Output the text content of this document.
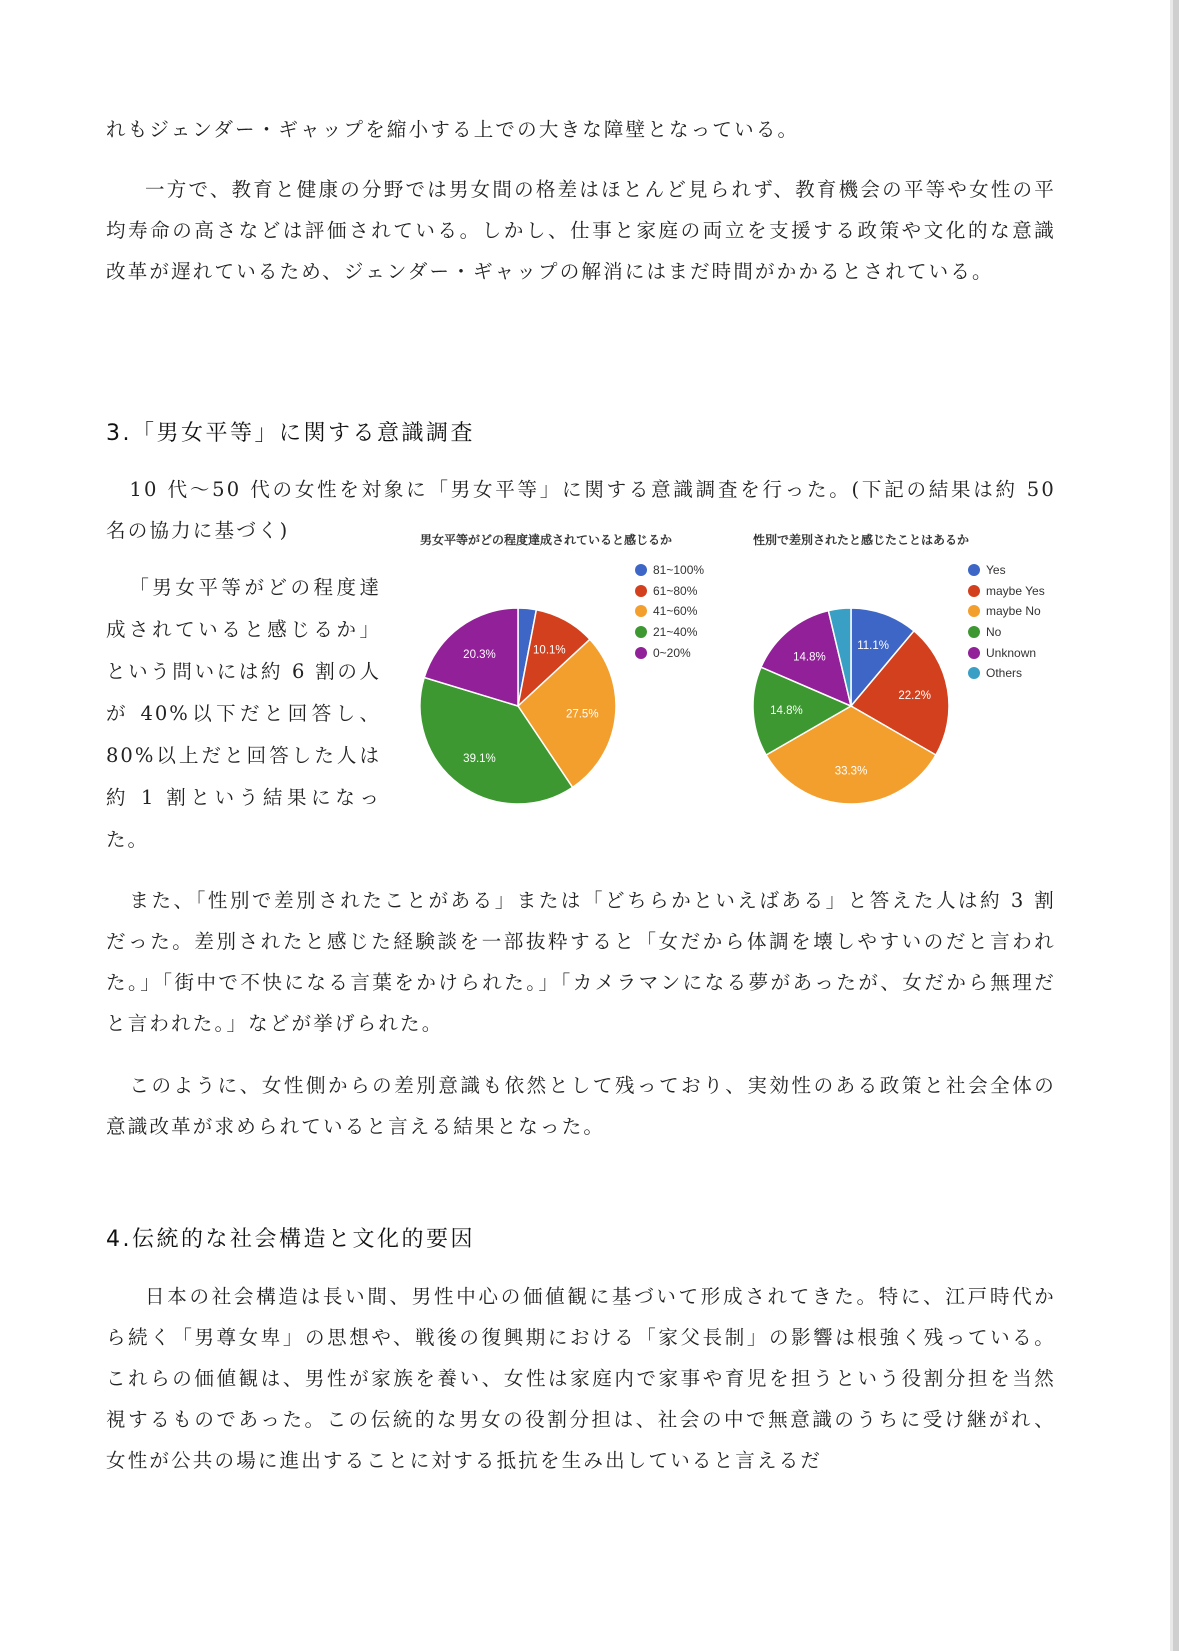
れもジェンダー・ギャップを縮小する上での大きな障壁となっている。

一方で、教育と健康の分野では男女間の格差はほとんど見られず、教育機会の平等や女性の平均寿命の高さなどは評価されている。しかし、仕事と家庭の両立を支援する政策や文化的な意識改革が遅れているため、ジェンダー・ギャップの解消にはまだ時間がかかるとされている。

3.「男女平等」に関する意識調査

10 代～50 代の女性を対象に「男女平等」に関する意識調査を行った。(下記の結果は約 50 名の協力に基づく)

「男女平等がどの程度達成されていると感じるか」という問いには約 6 割の人が 40%以下だと回答し、80%以上だと回答した人は約 1 割という結果になった。

また、「性別で差別されたことがある」または「どちらかといえばある」と答えた人は約 3 割だった。差別されたと感じた経験談を一部抜粋すると「女だから体調を壊しやすいのだと言われた。」「街中で不快になる言葉をかけられた。」「カメラマンになる夢があったが、女だから無理だと言われた。」などが挙げられた。

このように、女性側からの差別意識も依然として残っており、実効性のある政策と社会全体の意識改革が求められていると言える結果となった。

4.伝統的な社会構造と文化的要因

日本の社会構造は長い間、男性中心の価値観に基づいて形成されてきた。特に、江戸時代から続く「男尊女卑」の思想や、戦後の復興期における「家父長制」の影響は根強く残っている。これらの価値観は、男性が家族を養い、女性は家庭内で家事や育児を担うという役割分担を当然視するものであった。この伝統的な男女の役割分担は、社会の中で無意識のうちに受け継がれ、女性が公共の場に進出することに対する抵抗を生み出していると言えるだ

男女平等がどの程度達成されていると感じるか
10.1%
27.5%
39.1%
20.3%
81~100%
61~80%
41~60%
21~40%
0~20%
性別で差別されたと感じたことはあるか
11.1%
22.2%
33.3%
14.8%
14.8%
Yes
maybe Yes
maybe No
No
Unknown
Others
